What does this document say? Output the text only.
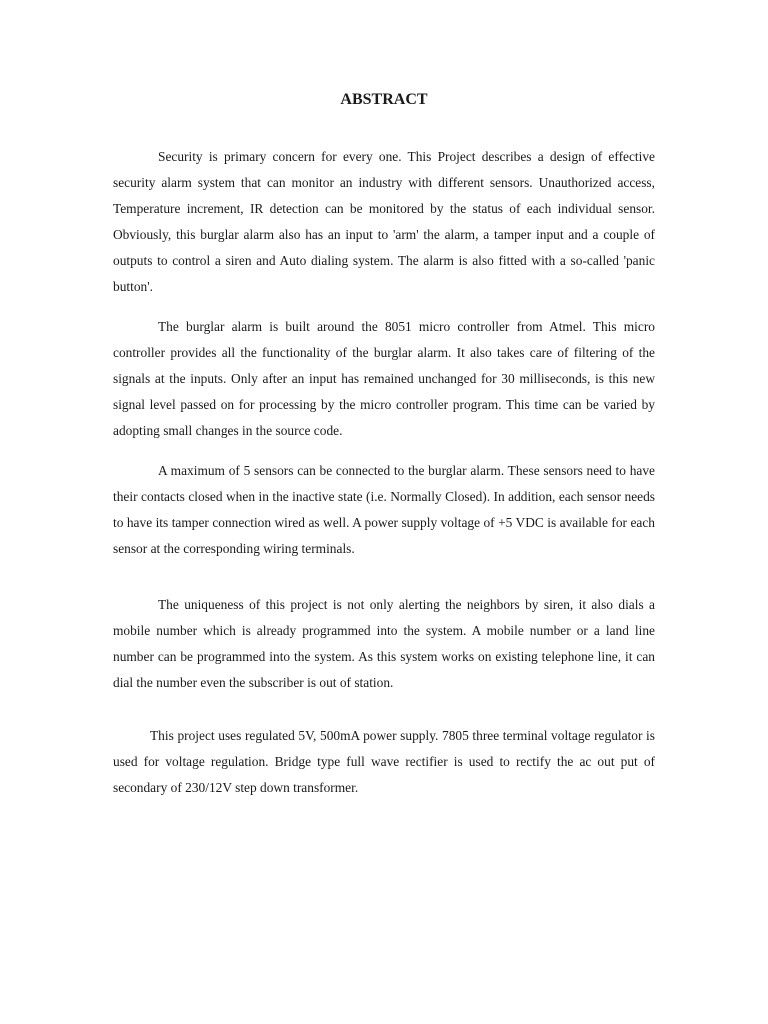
ABSTRACT

Security is primary concern for every one. This Project describes a design of effective security alarm system that can monitor an industry with different sensors. Unauthorized access, Temperature increment, IR detection can be monitored by the status of each individual sensor. Obviously, this burglar alarm also has an input to 'arm' the alarm, a tamper input and a couple of outputs to control a siren and Auto dialing system. The alarm is also fitted with a so-called 'panic button'.

The burglar alarm is built around the 8051 micro controller from Atmel. This micro controller provides all the functionality of the burglar alarm. It also takes care of filtering of the signals at the inputs. Only after an input has remained unchanged for 30 milliseconds, is this new signal level passed on for processing by the micro controller program. This time can be varied by adopting small changes in the source code.

A maximum of 5 sensors can be connected to the burglar alarm. These sensors need to have their contacts closed when in the inactive state (i.e. Normally Closed). In addition, each sensor needs to have its tamper connection wired as well. A power supply voltage of +5 VDC is available for each sensor at the corresponding wiring terminals.

The uniqueness of this project is not only alerting the neighbors by siren, it also dials a mobile number which is already programmed into the system. A mobile number or a land line number can be programmed into the system. As this system works on existing telephone line, it can dial the number even the subscriber is out of station.

This project uses regulated 5V, 500mA power supply. 7805 three terminal voltage regulator is used for voltage regulation. Bridge type full wave rectifier is used to rectify the ac out put of secondary of 230/12V step down transformer.
